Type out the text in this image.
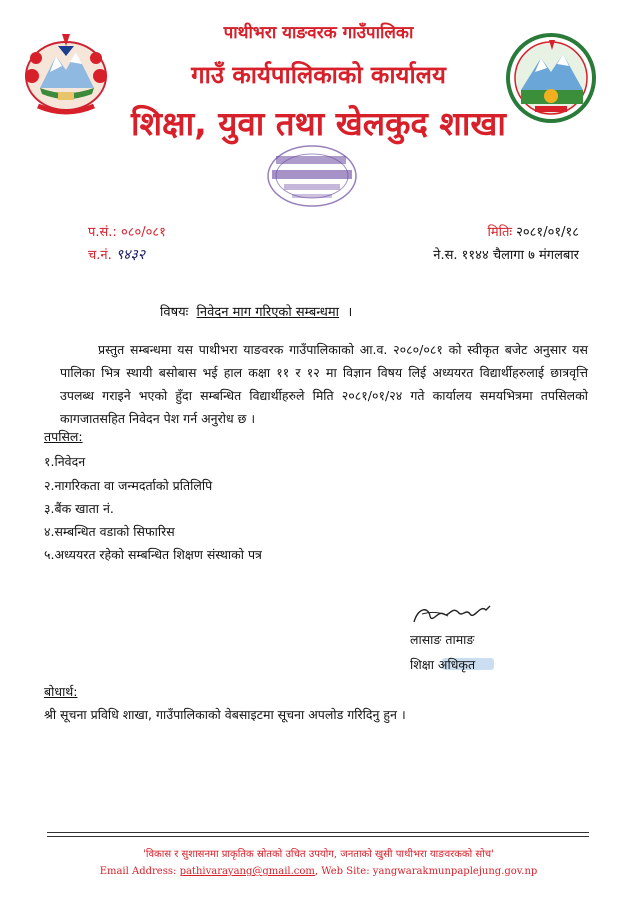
पाथीभरा याङवरक गाउँपालिका
गाउँ कार्यपालिकाको कार्यालय
शिक्षा, युवा तथा खेलकुद शाखा
प.सं.: ०८०/०८१	मितिः २०८१/०१/१८
च.नं. ९४३२	ने.स. ११४४ चैलागा ७ मंगलबार
विषयः निवेदन माग गरिएको सम्बन्धमा ।
प्रस्तुत सम्बन्धमा यस पाथीभरा याङवरक गाउँपालिकाको आ.व. २०८०/०८१ को स्वीकृत बजेट अनुसार यस पालिका भित्र स्थायी बसोबास भई हाल कक्षा ११ र १२ मा विज्ञान विषय लिई अध्ययरत विद्यार्थीहरुलाई छात्रवृत्ति उपलब्ध गराइने भएको हुँदा सम्बन्धित विद्यार्थीहरुले मिति २०८१/०१/२४ गते कार्यालय समयभित्रमा तपसिलको कागजातसहित निवेदन पेश गर्न अनुरोध छ ।
तपसिल:
१.निवेदन
२.नागरिकता वा जन्मदर्ताको प्रतिलिपि
३.बैंक खाता नं.
४.सम्बन्धित वडाको सिफारिस
५.अध्ययरत रहेको सम्बन्धित शिक्षण संस्थाको पत्र
लासाङ तामाङ
शिक्षा अधिकृत
बोधार्थ:
श्री सूचना प्रविधि शाखा, गाउँपालिकाको वेबसाइटमा सूचना अपलोड गरिदिनु हुन ।
'विकास र सुशासनमा प्राकृतिक स्रोतको उचित उपयोग, जनताको खुसी पाथीभरा याङवरकको सोच'
Email Address: pathivarayang@gmail.com, Web Site: yangwarakmunpaplejung.gov.np
